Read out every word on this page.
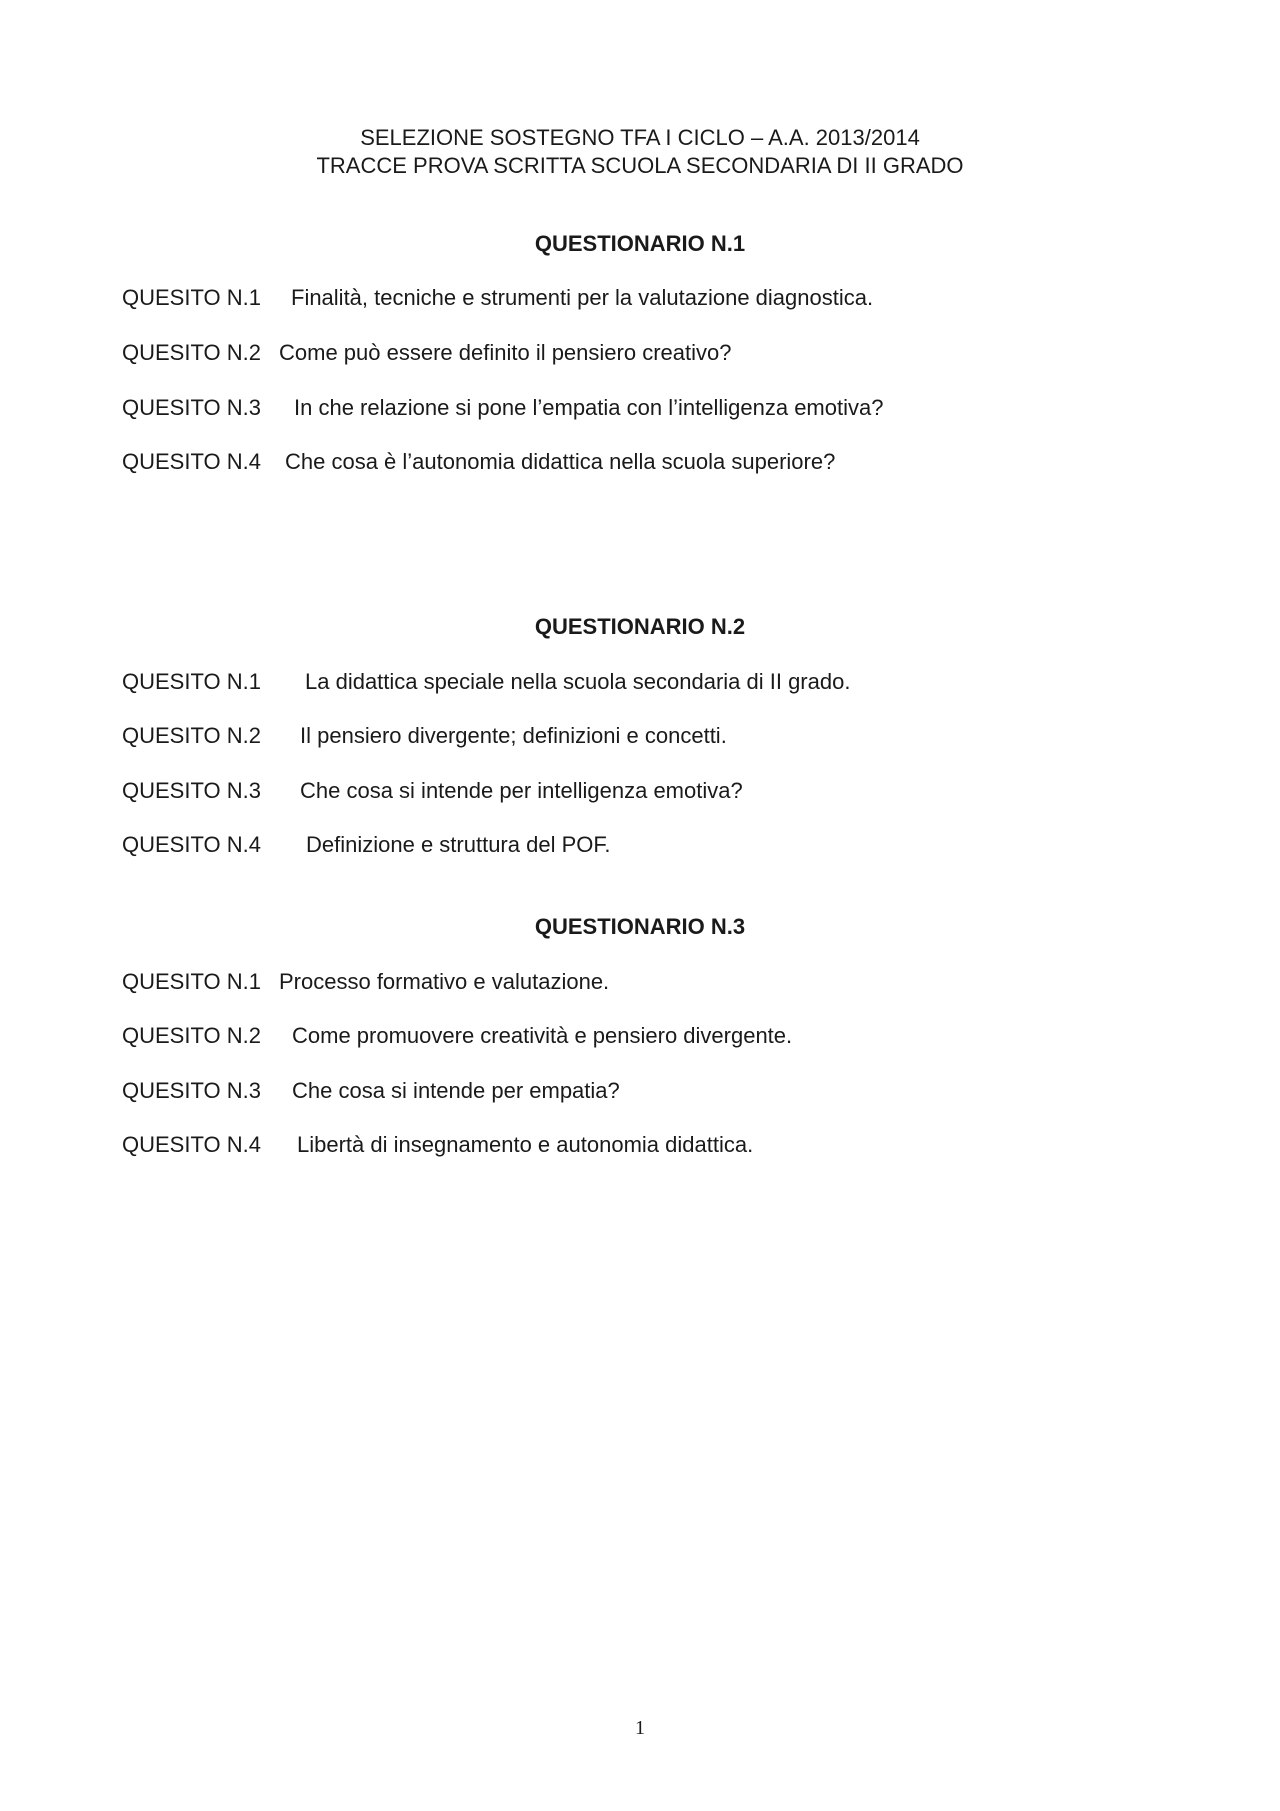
SELEZIONE SOSTEGNO TFA I CICLO – A.A. 2013/2014
TRACCE PROVA SCRITTA SCUOLA SECONDARIA DI II GRADO
QUESTIONARIO N.1
QUESITO N.1 Finalità, tecniche e strumenti per la valutazione diagnostica.
QUESITO N.2 Come può essere definito il pensiero creativo?
QUESITO N.3 In che relazione si pone l’empatia con l’intelligenza emotiva?
QUESITO N.4 Che cosa è l’autonomia didattica nella scuola superiore?
QUESTIONARIO N.2
QUESITO N.1 La didattica speciale nella scuola secondaria di II grado.
QUESITO N.2 Il pensiero divergente; definizioni e concetti.
QUESITO N.3 Che cosa si intende per intelligenza emotiva?
QUESITO N.4 Definizione e struttura del POF.
QUESTIONARIO N.3
QUESITO N.1 Processo formativo e valutazione.
QUESITO N.2 Come promuovere creatività e pensiero divergente.
QUESITO N.3 Che cosa si intende per empatia?
QUESITO N.4 Libertà di insegnamento e autonomia didattica.
1
